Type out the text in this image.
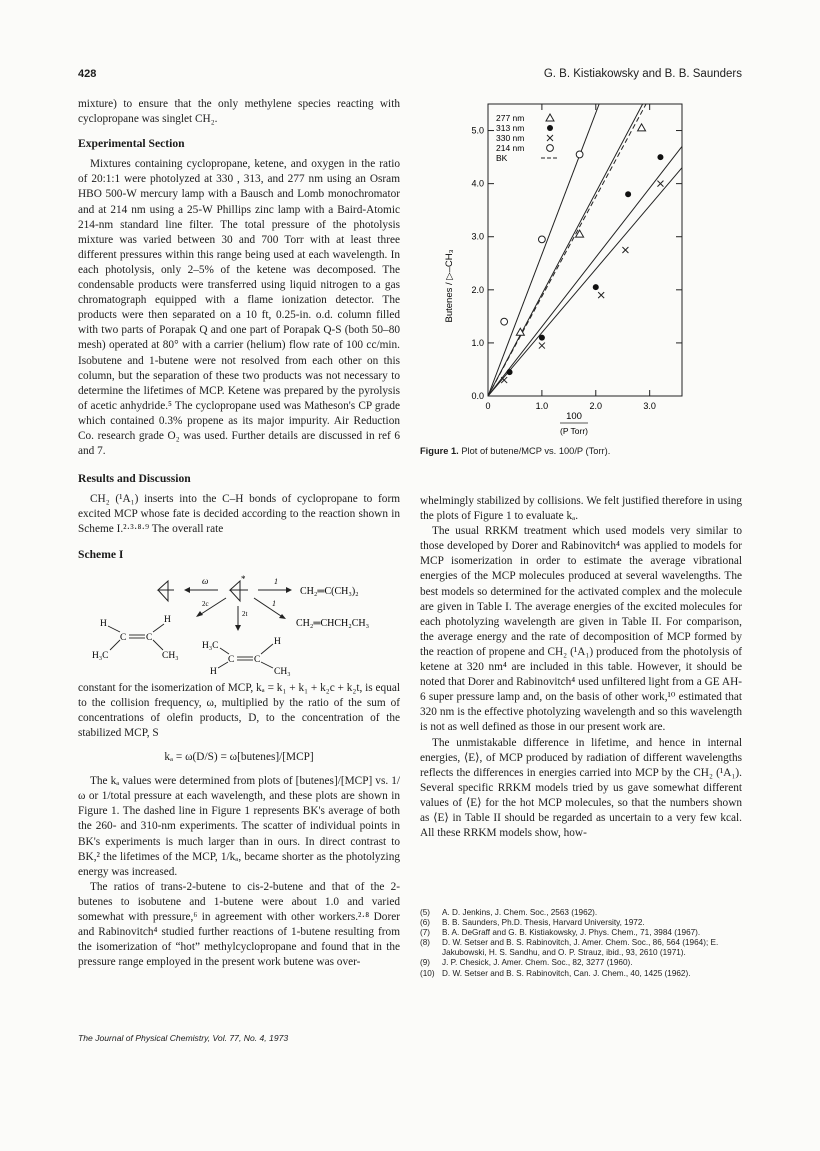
428	G. B. Kistiakowsky and B. B. Saunders

mixture) to ensure that the only methylene species reacting with cyclopropane was singlet CH₂.

Experimental Section

Mixtures containing cyclopropane, ketene, and oxygen in the ratio of 20:1:1 were photolyzed at 330 , 313, and 277 nm using an Osram HBO 500-W mercury lamp with a Bausch and Lomb monochromator and at 214 nm using a 25-W Phillips zinc lamp with a Baird-Atomic 214-nm standard line filter. The total pressure of the photolysis mixture was varied between 30 and 700 Torr with at least three different pressures within this range being used at each wavelength. In each photolysis, only 2–5% of the ketene was decomposed. The condensable products were transferred using liquid nitrogen to a gas chromatograph equipped with a flame ionization detector. The products were then separated on a 10 ft, 0.25-in. o.d. column filled with two parts of Porapak Q and one part of Porapak Q-S (both 50–80 mesh) operated at 80° with a carrier (helium) flow rate of 100 cc/min. Isobutene and 1-butene were not resolved from each other on this column, but the separation of these two products was not necessary to determine the lifetimes of MCP. Ketene was prepared by the pyrolysis of acetic anhydride.⁵ The cyclopropane used was Matheson's CP grade which contained 0.3% propene as its major impurity. Air Reduction Co. research grade O₂ was used. Further details are discussed in ref 6 and 7.

Results and Discussion

CH₂ (¹A₁) inserts into the C–H bonds of cyclopropane to form excited MCP whose fate is decided according to the reaction shown in Scheme I.²·³·⁸·⁹ The overall rate

Scheme I
ω	*	1
CH₂═C(CH₃)₂
1
CH₂═CHCH₂CH₃
2c
2t
H	H
C C
H₃C	CH₃
H₃C
C C
H
H	CH₃

constant for the isomerization of MCP, kₐ = k₁ + k₁ + k₂c + k₂t, is equal to the collision frequency, ω, multiplied by the ratio of the sum of concentrations of olefin products, D, to the concentration of the stabilized MCP, S

kₐ = ω(D/S) = ω[butenes]/[MCP]

The kₐ values were determined from plots of [butenes]/[MCP] vs. 1/ω or 1/total pressure at each wavelength, and these plots are shown in Figure 1. The dashed line in Figure 1 represents BK's average of both the 260- and 310-nm experiments. The scatter of individual points in BK's experiments is much larger than in ours. In direct contrast to BK,² the lifetimes of the MCP, 1/kₐ, became shorter as the photolyzing energy was increased.

The ratios of trans-2-butene to cis-2-butene and that of the 2-butenes to isobutene and 1-butene were about 1.0 and varied somewhat with pressure,⁶ in agreement with other workers.²·⁸ Dorer and Rabinovitch⁴ studied further reactions of 1-butene resulting from the isomerization of “hot” methylcyclopropane and found that in the pressure range employed in the present work butene was over-

0.0
1.0
2.0
3.0
4.0
5.0
0	1.0	2.0	3.0
Butenes / ▷–CH₃
100
(P Torr)
277 nm
313 nm
330 nm
214 nm
BK
Figure 1. Plot of butene/MCP vs. 100/P (Torr).

whelmingly stabilized by collisions. We felt justified therefore in using the plots of Figure 1 to evaluate kₐ.

The usual RRKM treatment which used models very similar to those developed by Dorer and Rabinovitch⁴ was applied to models for MCP isomerization in order to estimate the average vibrational energies of the MCP molecules produced at several wavelengths. The best models so determined for the activated complex and the molecule are given in Table I. The average energies of the excited molecules for each photolyzing wavelength are given in Table II. For comparison, the average energy and the rate of decomposition of MCP formed by the reaction of propene and CH₂ (¹A₁) produced from the photolysis of ketene at 320 nm⁴ are included in this table. However, it should be noted that Dorer and Rabinovitch⁴ used unfiltered light from a GE AH-6 super pressure lamp and, on the basis of other work,¹⁰ estimated that 320 nm is the effective photolyzing wavelength and so this wavelength is not as well defined as those in our present work are.

The unmistakable difference in lifetime, and hence in internal energies, ⟨E⟩, of MCP produced by radiation of different wavelengths reflects the differences in energies carried into MCP by the CH₂ (¹A₁). Several specific RRKM models tried by us gave somewhat different values of ⟨E⟩ for the hot MCP molecules, so that the numbers shown as ⟨E⟩ in Table II should be regarded as uncertain to a very few kcal. All these RRKM models show, how-

(5)	A. D. Jenkins, J. Chem. Soc., 2563 (1962).
(6)	B. B. Saunders, Ph.D. Thesis, Harvard University, 1972.
(7)	B. A. DeGraff and G. B. Kistiakowsky, J. Phys. Chem., 71, 3984 (1967).
(8)	D. W. Setser and B. S. Rabinovitch, J. Amer. Chem. Soc., 86, 564 (1964); E. Jakubowski, H. S. Sandhu, and O. P. Strauz, ibid., 93, 2610 (1971).
(9)	J. P. Chesick, J. Amer. Chem. Soc., 82, 3277 (1960).
(10) D. W. Setser and B. S. Rabinovitch, Can. J. Chem., 40, 1425 (1962).
The Journal of Physical Chemistry, Vol. 77, No. 4, 1973
